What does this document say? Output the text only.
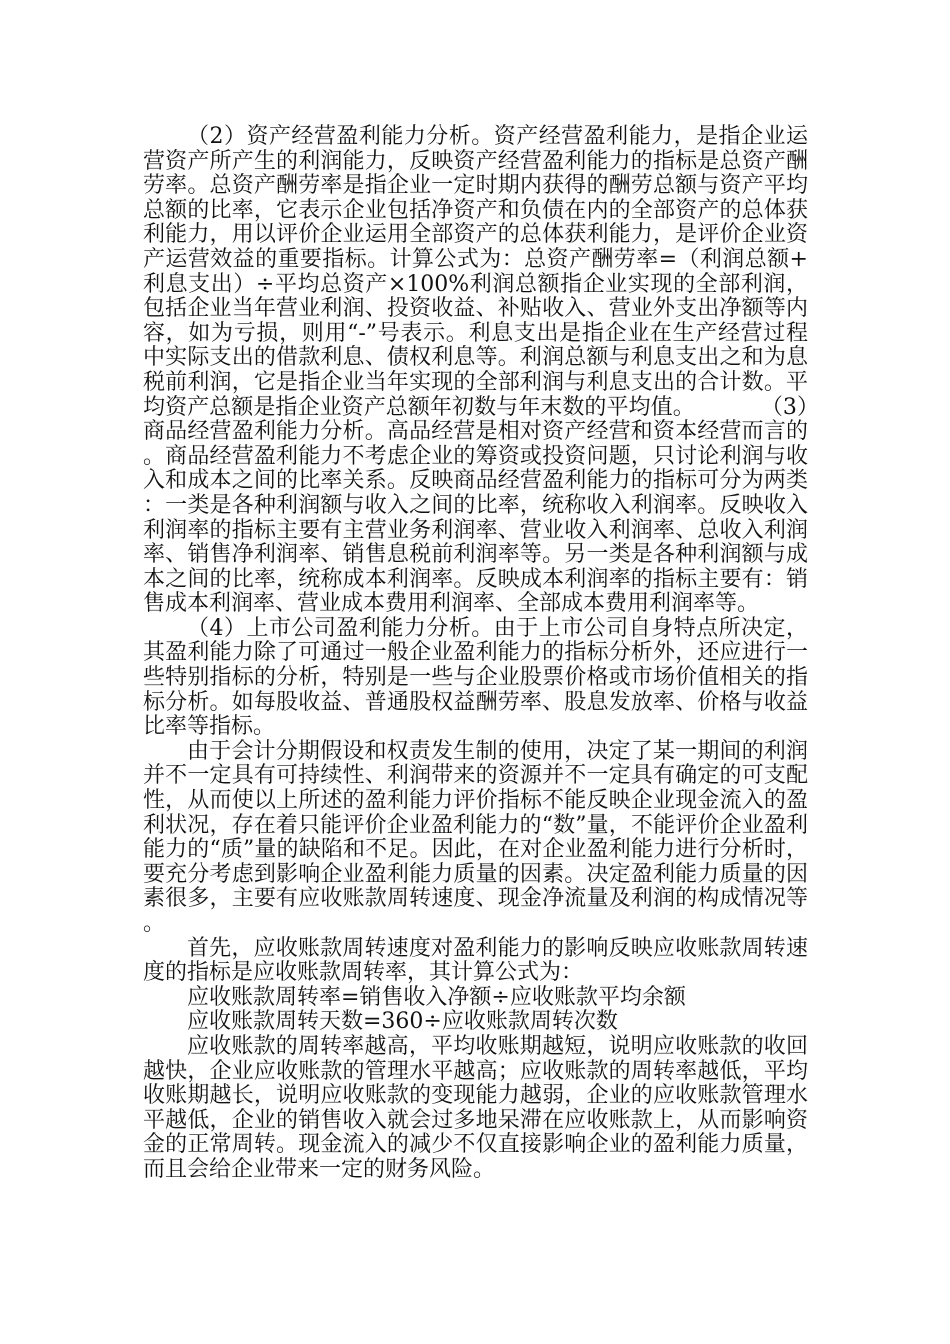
（2）资产经营盈利能力分析。资产经营盈利能力，是指企业运营资产所产生的利润能力，反映资产经营盈利能力的指标是总资产酬劳率。总资产酬劳率是指企业一定时期内获得的酬劳总额与资产平均总额的比率，它表示企业包括净资产和负债在内的全部资产的总体获利能力，用以评价企业运用全部资产的总体获利能力，是评价企业资产运营效益的重要指标。计算公式为：总资产酬劳率=（利润总额+利息支出）÷平均总资产×100%利润总额指企业实现的全部利润，包括企业当年营业利润、投资收益、补贴收入、营业外支出净额等内容，如为亏损，则用“-”号表示。利息支出是指企业在生产经营过程中实际支出的借款利息、债权利息等。利润总额与利息支出之和为息税前利润，它是指企业当年实现的全部利润与利息支出的合计数。平均资产总额是指企业资产总额年初数与年末数的平均值。	（3）商品经营盈利能力分析。高品经营是相对资产经营和资本经营而言的。商品经营盈利能力不考虑企业的筹资或投资问题，只讨论利润与收入和成本之间的比率关系。反映商品经营盈利能力的指标可分为两类：一类是各种利润额与收入之间的比率，统称收入利润率。反映收入利润率的指标主要有主营业务利润率、营业收入利润率、总收入利润率、销售净利润率、销售息税前利润率等。另一类是各种利润额与成本之间的比率，统称成本利润率。反映成本利润率的指标主要有：销售成本利润率、营业成本费用利润率、全部成本费用利润率等。

（4）上市公司盈利能力分析。由于上市公司自身特点所决定，其盈利能力除了可通过一般企业盈利能力的指标分析外，还应进行一些特别指标的分析，特别是一些与企业股票价格或市场价值相关的指标分析。如每股收益、普通股权益酬劳率、股息发放率、价格与收益比率等指标。

由于会计分期假设和权责发生制的使用，决定了某一期间的利润并不一定具有可持续性、利润带来的资源并不一定具有确定的可支配性，从而使以上所述的盈利能力评价指标不能反映企业现金流入的盈利状况，存在着只能评价企业盈利能力的“数”量，不能评价企业盈利能力的“质”量的缺陷和不足。因此，在对企业盈利能力进行分析时，要充分考虑到影响企业盈利能力质量的因素。决定盈利能力质量的因素很多，主要有应收账款周转速度、现金净流量及利润的构成情况等。

首先，应收账款周转速度对盈利能力的影响反映应收账款周转速度的指标是应收账款周转率，其计算公式为：

应收账款周转率=销售收入净额÷应收账款平均余额

应收账款周转天数=360÷应收账款周转次数

应收账款的周转率越高，平均收账期越短，说明应收账款的收回越快，企业应收账款的管理水平越高；应收账款的周转率越低，平均收账期越长，说明应收账款的变现能力越弱，企业的应收账款管理水平越低，企业的销售收入就会过多地呆滞在应收账款上，从而影响资金的正常周转。现金流入的减少不仅直接影响企业的盈利能力质量，而且会给企业带来一定的财务风险。
